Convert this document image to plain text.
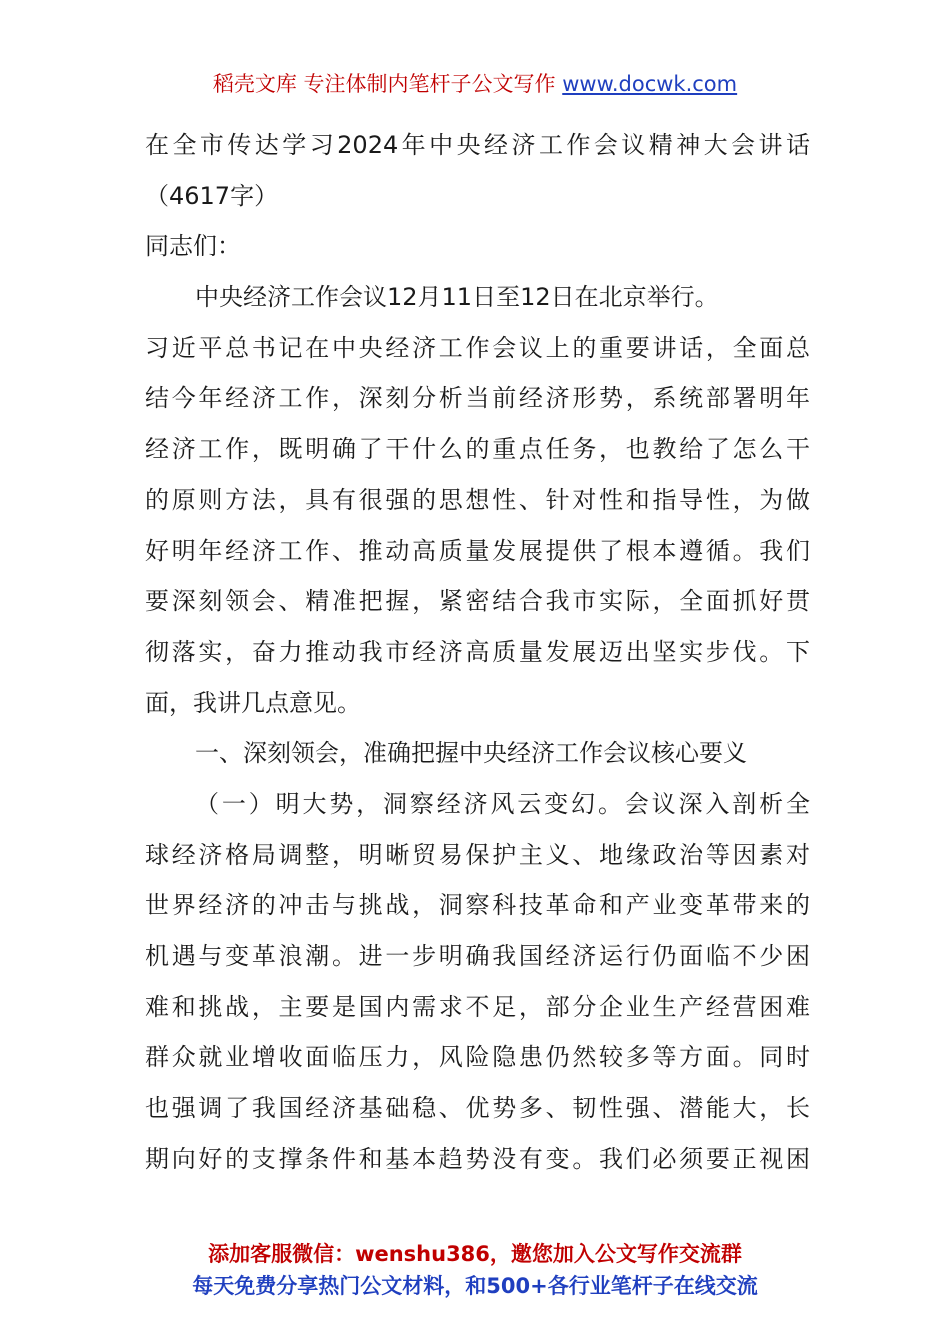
稻壳文库 专注体制内笔杆子公文写作 www.docwk.com
在全市传达学习2024年中央经济工作会议精神大会讲话
（4617字）
同志们：
中央经济工作会议12月11日至12日在北京举行。
习近平总书记在中央经济工作会议上的重要讲话，全面总
结今年经济工作，深刻分析当前经济形势，系统部署明年
经济工作，既明确了干什么的重点任务，也教给了怎么干
的原则方法，具有很强的思想性、针对性和指导性，为做
好明年经济工作、推动高质量发展提供了根本遵循。我们
要深刻领会、精准把握，紧密结合我市实际，全面抓好贯
彻落实，奋力推动我市经济高质量发展迈出坚实步伐。下
面，我讲几点意见。
一、深刻领会，准确把握中央经济工作会议核心要义
（一）明大势，洞察经济风云变幻。会议深入剖析全
球经济格局调整，明晰贸易保护主义、地缘政治等因素对
世界经济的冲击与挑战，洞察科技革命和产业变革带来的
机遇与变革浪潮。进一步明确我国经济运行仍面临不少困
难和挑战，主要是国内需求不足，部分企业生产经营困难
群众就业增收面临压力，风险隐患仍然较多等方面。同时
也强调了我国经济基础稳、优势多、韧性强、潜能大，长
期向好的支撑条件和基本趋势没有变。我们必须要正视困
添加客服微信：wenshu386，邀您加入公文写作交流群
每天免费分享热门公文材料，和500+各行业笔杆子在线交流
